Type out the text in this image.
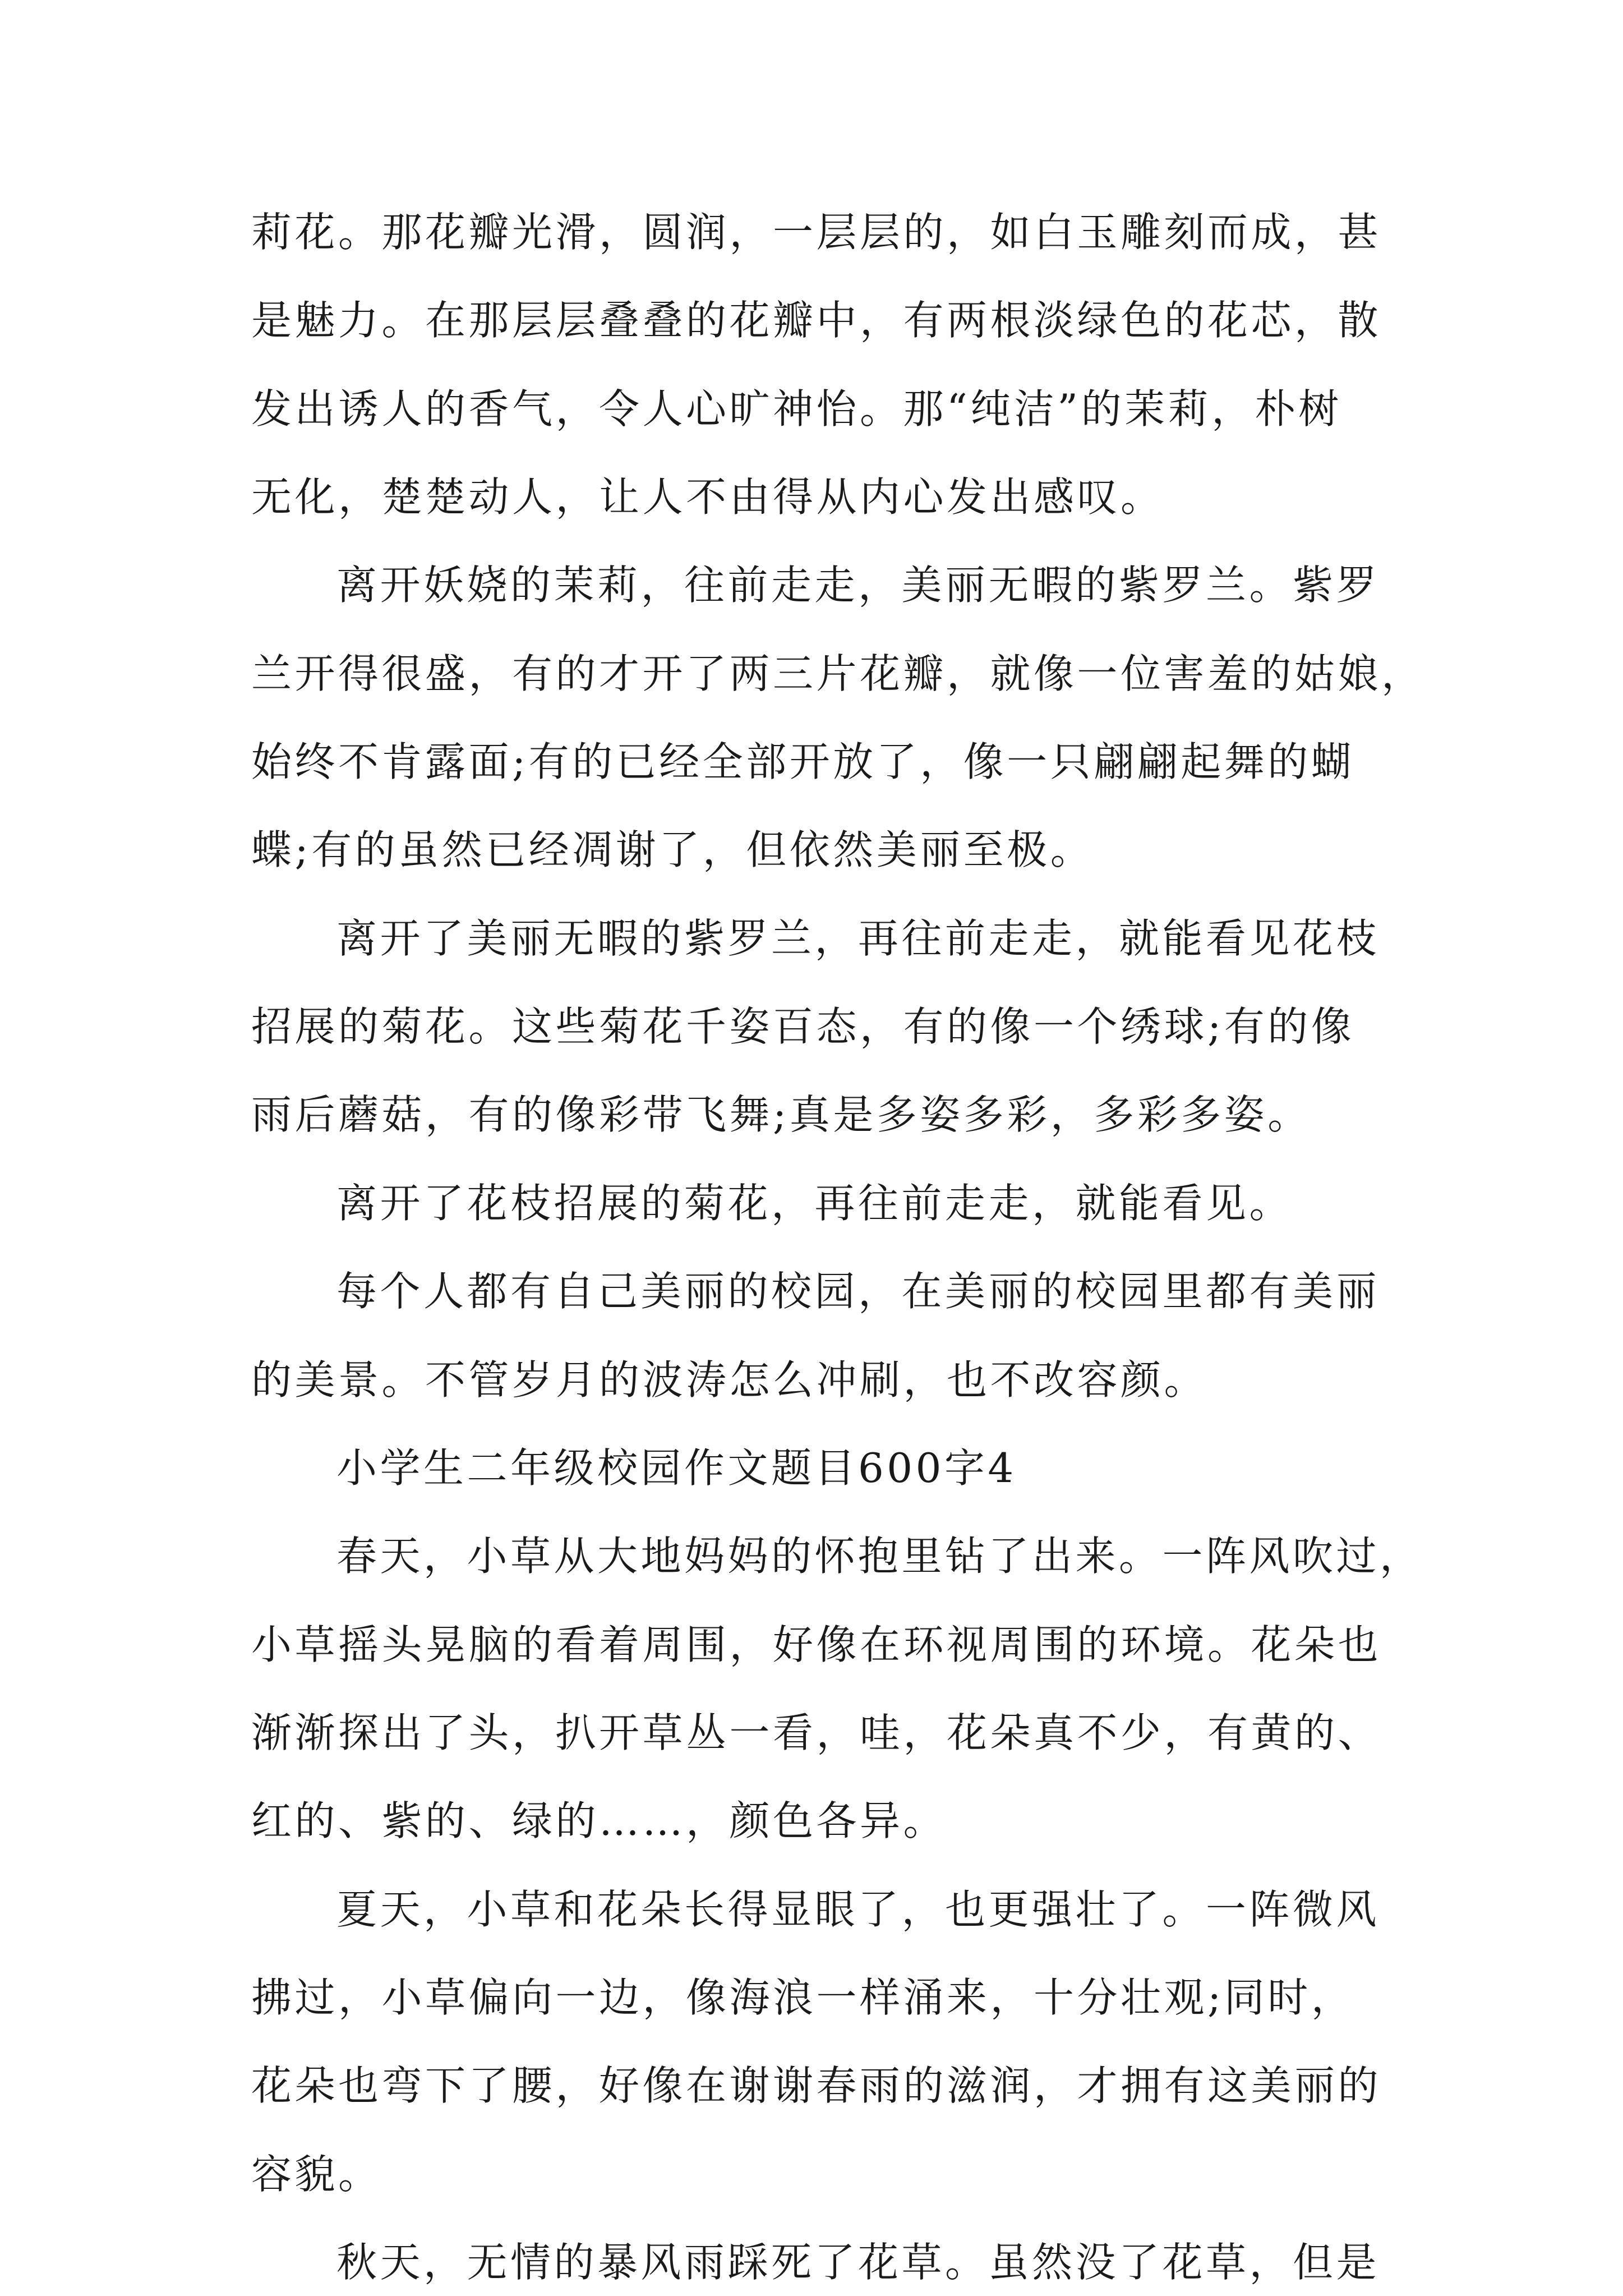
莉花。那花瓣光滑，圆润，一层层的，如白玉雕刻而成，甚
是魅力。在那层层叠叠的花瓣中，有两根淡绿色的花芯，散
发出诱人的香气，令人心旷神怡。那“纯洁”的茉莉，朴树
无化，楚楚动人，让人不由得从内心发出感叹。
离开妖娆的茉莉，往前走走，美丽无暇的紫罗兰。紫罗
兰开得很盛，有的才开了两三片花瓣，就像一位害羞的姑娘，
始终不肯露面;有的已经全部开放了，像一只翩翩起舞的蝴
蝶;有的虽然已经凋谢了，但依然美丽至极。
离开了美丽无暇的紫罗兰，再往前走走，就能看见花枝
招展的菊花。这些菊花千姿百态，有的像一个绣球;有的像
雨后蘑菇，有的像彩带飞舞;真是多姿多彩，多彩多姿。
离开了花枝招展的菊花，再往前走走，就能看见。
每个人都有自己美丽的校园，在美丽的校园里都有美丽
的美景。不管岁月的波涛怎么冲刷，也不改容颜。
小学生二年级校园作文题目600字4
春天，小草从大地妈妈的怀抱里钻了出来。一阵风吹过，
小草摇头晃脑的看着周围，好像在环视周围的环境。花朵也
渐渐探出了头，扒开草丛一看，哇，花朵真不少，有黄的、
红的、紫的、绿的……，颜色各异。
夏天，小草和花朵长得显眼了，也更强壮了。一阵微风
拂过，小草偏向一边，像海浪一样涌来，十分壮观;同时，
花朵也弯下了腰，好像在谢谢春雨的滋润，才拥有这美丽的
容貌。
秋天，无情的暴风雨踩死了花草。虽然没了花草，但是
